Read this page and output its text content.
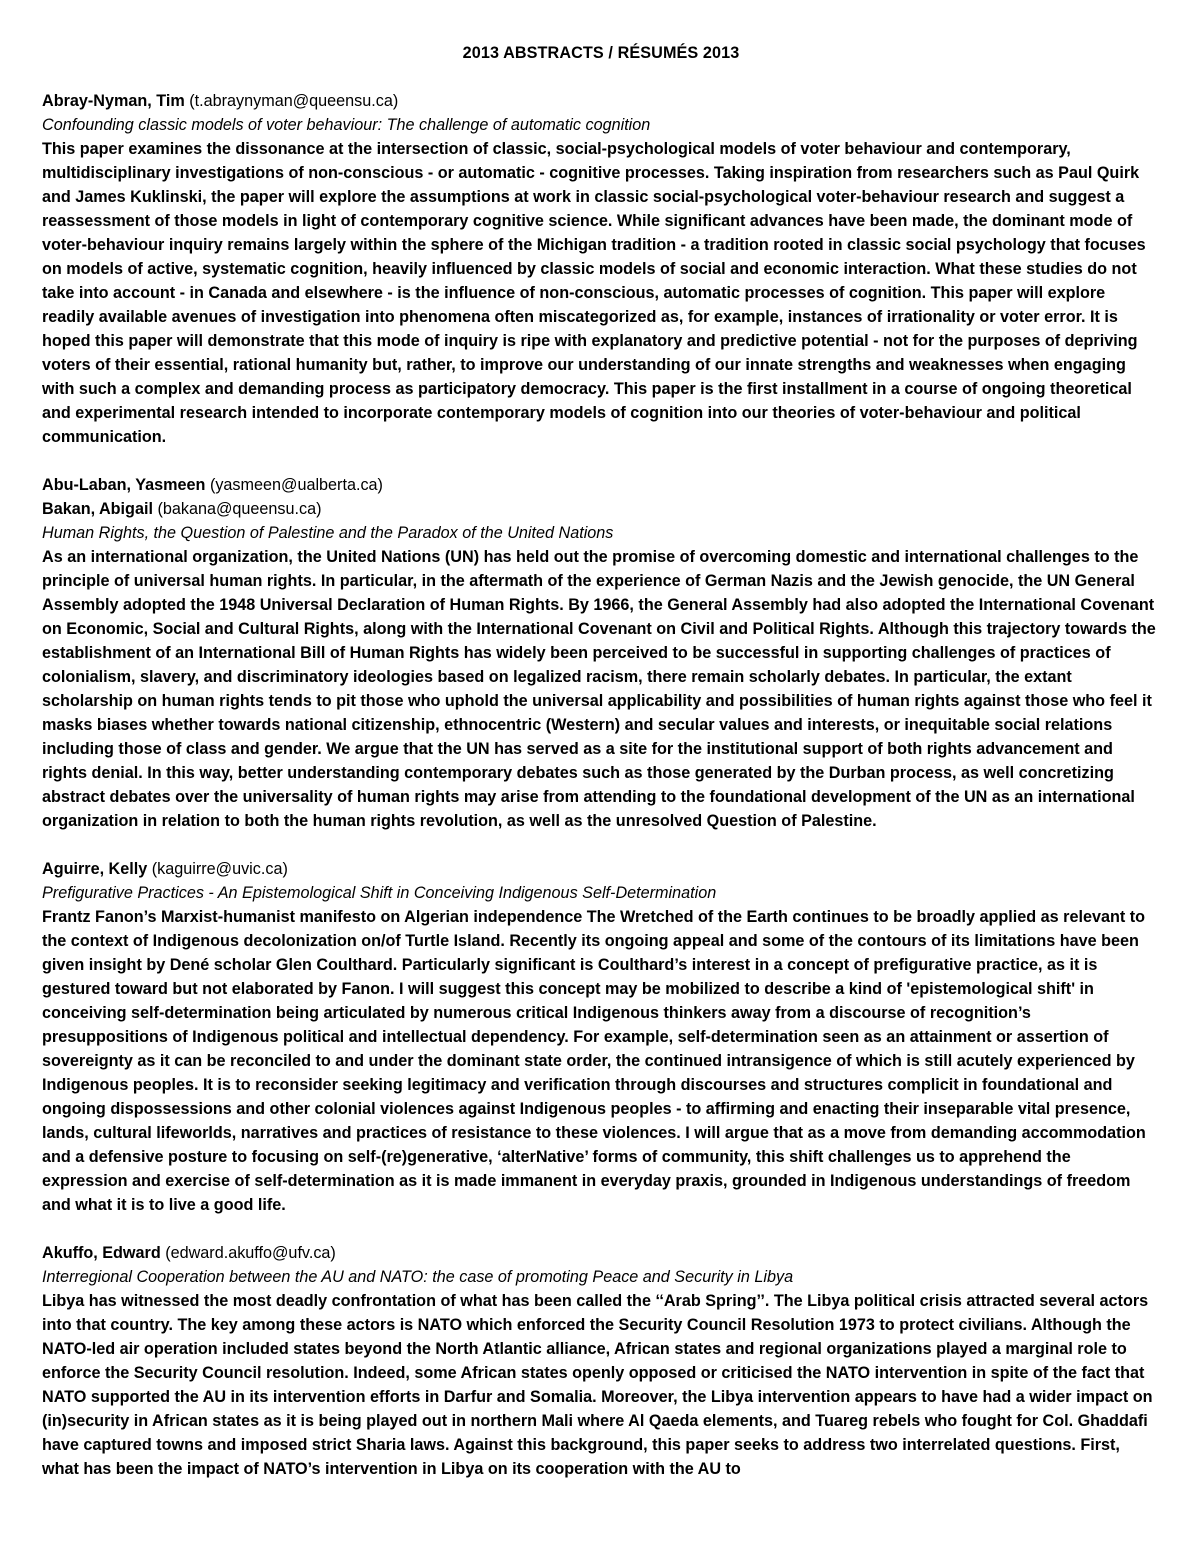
2013 ABSTRACTS / RÉSUMÉS 2013
Abray-Nyman, Tim (t.abraynyman@queensu.ca)
Confounding classic models of voter behaviour: The challenge of automatic cognition
This paper examines the dissonance at the intersection of classic, social-psychological models of voter behaviour and contemporary, multidisciplinary investigations of non-conscious - or automatic - cognitive processes. Taking inspiration from researchers such as Paul Quirk and James Kuklinski, the paper will explore the assumptions at work in classic social-psychological voter-behaviour research and suggest a reassessment of those models in light of contemporary cognitive science. While significant advances have been made, the dominant mode of voter-behaviour inquiry remains largely within the sphere of the Michigan tradition - a tradition rooted in classic social psychology that focuses on models of active, systematic cognition, heavily influenced by classic models of social and economic interaction. What these studies do not take into account - in Canada and elsewhere - is the influence of non-conscious, automatic processes of cognition. This paper will explore readily available avenues of investigation into phenomena often miscategorized as, for example, instances of irrationality or voter error. It is hoped this paper will demonstrate that this mode of inquiry is ripe with explanatory and predictive potential - not for the purposes of depriving voters of their essential, rational humanity but, rather, to improve our understanding of our innate strengths and weaknesses when engaging with such a complex and demanding process as participatory democracy. This paper is the first installment in a course of ongoing theoretical and experimental research intended to incorporate contemporary models of cognition into our theories of voter-behaviour and political communication.
Abu-Laban, Yasmeen (yasmeen@ualberta.ca)
Bakan, Abigail (bakana@queensu.ca)
Human Rights, the Question of Palestine and the Paradox of the United Nations
As an international organization, the United Nations (UN) has held out the promise of overcoming domestic and international challenges to the principle of universal human rights. In particular, in the aftermath of the experience of German Nazis and the Jewish genocide, the UN General Assembly adopted the 1948 Universal Declaration of Human Rights. By 1966, the General Assembly had also adopted the International Covenant on Economic, Social and Cultural Rights, along with the International Covenant on Civil and Political Rights. Although this trajectory towards the establishment of an International Bill of Human Rights has widely been perceived to be successful in supporting challenges of practices of colonialism, slavery, and discriminatory ideologies based on legalized racism, there remain scholarly debates. In particular, the extant scholarship on human rights tends to pit those who uphold the universal applicability and possibilities of human rights against those who feel it masks biases whether towards national citizenship, ethnocentric (Western) and secular values and interests, or inequitable social relations including those of class and gender. We argue that the UN has served as a site for the institutional support of both rights advancement and rights denial. In this way, better understanding contemporary debates such as those generated by the Durban process, as well concretizing abstract debates over the universality of human rights may arise from attending to the foundational development of the UN as an international organization in relation to both the human rights revolution, as well as the unresolved Question of Palestine.
Aguirre, Kelly (kaguirre@uvic.ca)
Prefigurative Practices - An Epistemological Shift in Conceiving Indigenous Self-Determination
Frantz Fanon’s Marxist-humanist manifesto on Algerian independence The Wretched of the Earth continues to be broadly applied as relevant to the context of Indigenous decolonization on/of Turtle Island. Recently its ongoing appeal and some of the contours of its limitations have been given insight by Dené scholar Glen Coulthard. Particularly significant is Coulthard’s interest in a concept of prefigurative practice, as it is gestured toward but not elaborated by Fanon. I will suggest this concept may be mobilized to describe a kind of 'epistemological shift' in conceiving self-determination being articulated by numerous critical Indigenous thinkers away from a discourse of recognition’s presuppositions of Indigenous political and intellectual dependency. For example, self-determination seen as an attainment or assertion of sovereignty as it can be reconciled to and under the dominant state order, the continued intransigence of which is still acutely experienced by Indigenous peoples. It is to reconsider seeking legitimacy and verification through discourses and structures complicit in foundational and ongoing dispossessions and other colonial violences against Indigenous peoples - to affirming and enacting their inseparable vital presence, lands, cultural lifeworlds, narratives and practices of resistance to these violences. I will argue that as a move from demanding accommodation and a defensive posture to focusing on self-(re)generative, ‘alterNative’ forms of community, this shift challenges us to apprehend the expression and exercise of self-determination as it is made immanent in everyday praxis, grounded in Indigenous understandings of freedom and what it is to live a good life.
Akuffo, Edward (edward.akuffo@ufv.ca)
Interregional Cooperation between the AU and NATO: the case of promoting Peace and Security in Libya
Libya has witnessed the most deadly confrontation of what has been called the ‘‘Arab Spring’’. The Libya political crisis attracted several actors into that country. The key among these actors is NATO which enforced the Security Council Resolution 1973 to protect civilians. Although the NATO-led air operation included states beyond the North Atlantic alliance, African states and regional organizations played a marginal role to enforce the Security Council resolution. Indeed, some African states openly opposed or criticised the NATO intervention in spite of the fact that NATO supported the AU in its intervention efforts in Darfur and Somalia. Moreover, the Libya intervention appears to have had a wider impact on (in)security in African states as it is being played out in northern Mali where Al Qaeda elements, and Tuareg rebels who fought for Col. Ghaddafi have captured towns and imposed strict Sharia laws. Against this background, this paper seeks to address two interrelated questions. First, what has been the impact of NATO’s intervention in Libya on its cooperation with the AU to
